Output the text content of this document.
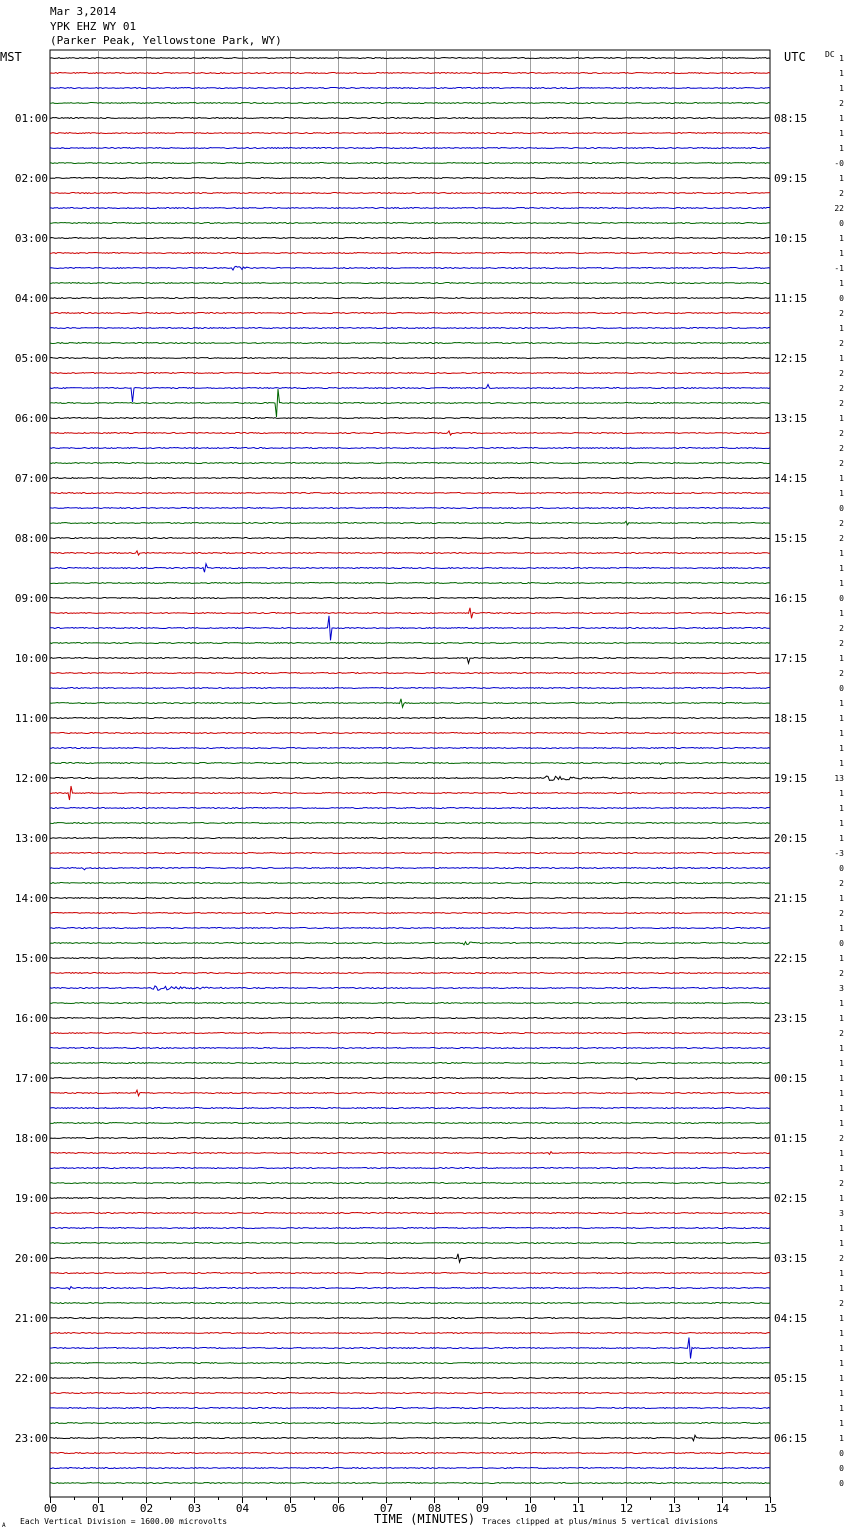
Mar 3,2014
YPK EHZ WY 01
(Parker Peak, Yellowstone Park, WY)
MST	UTC DC
00	01	02	03	04	05	06	07	08	09	10	11	12	13	14	15
01:00
02:00
03:00
04:00
05:00
06:00
07:00
08:00
09:00
10:00
11:00
12:00
13:00
14:00
15:00
16:00
17:00
18:00
19:00
20:00
21:00
22:00
23:00
08:15
09:15
10:15
11:15
12:15
13:15
14:15
15:15
16:15
17:15
18:15
19:15
20:15
21:15
22:15
23:15
00:15
01:15
02:15
03:15
04:15
05:15
06:15
1
1
1
2
1
1
1
-0
1
2
22
0
1
1
-1
1
0
2
1
2
1
2
2
2
1
2
2
2
1
1
0
2
2
1
1
1
0
1
2
2
1
2
0
1
1
1
1
1
13
1
1
1
1
-3
0
2
1
2
1
0
1
2
3
1
1
2
1
1
1
1
1
1
2
1
1
2
1
3
1
1
2
1
1
2
1
1
1
1
1
1
1
1
1
0
0
0
TIME (MINUTES)
Each Vertical Division = 1600.00 microvolts	Traces clipped at plus/minus 5 vertical divisions
A
